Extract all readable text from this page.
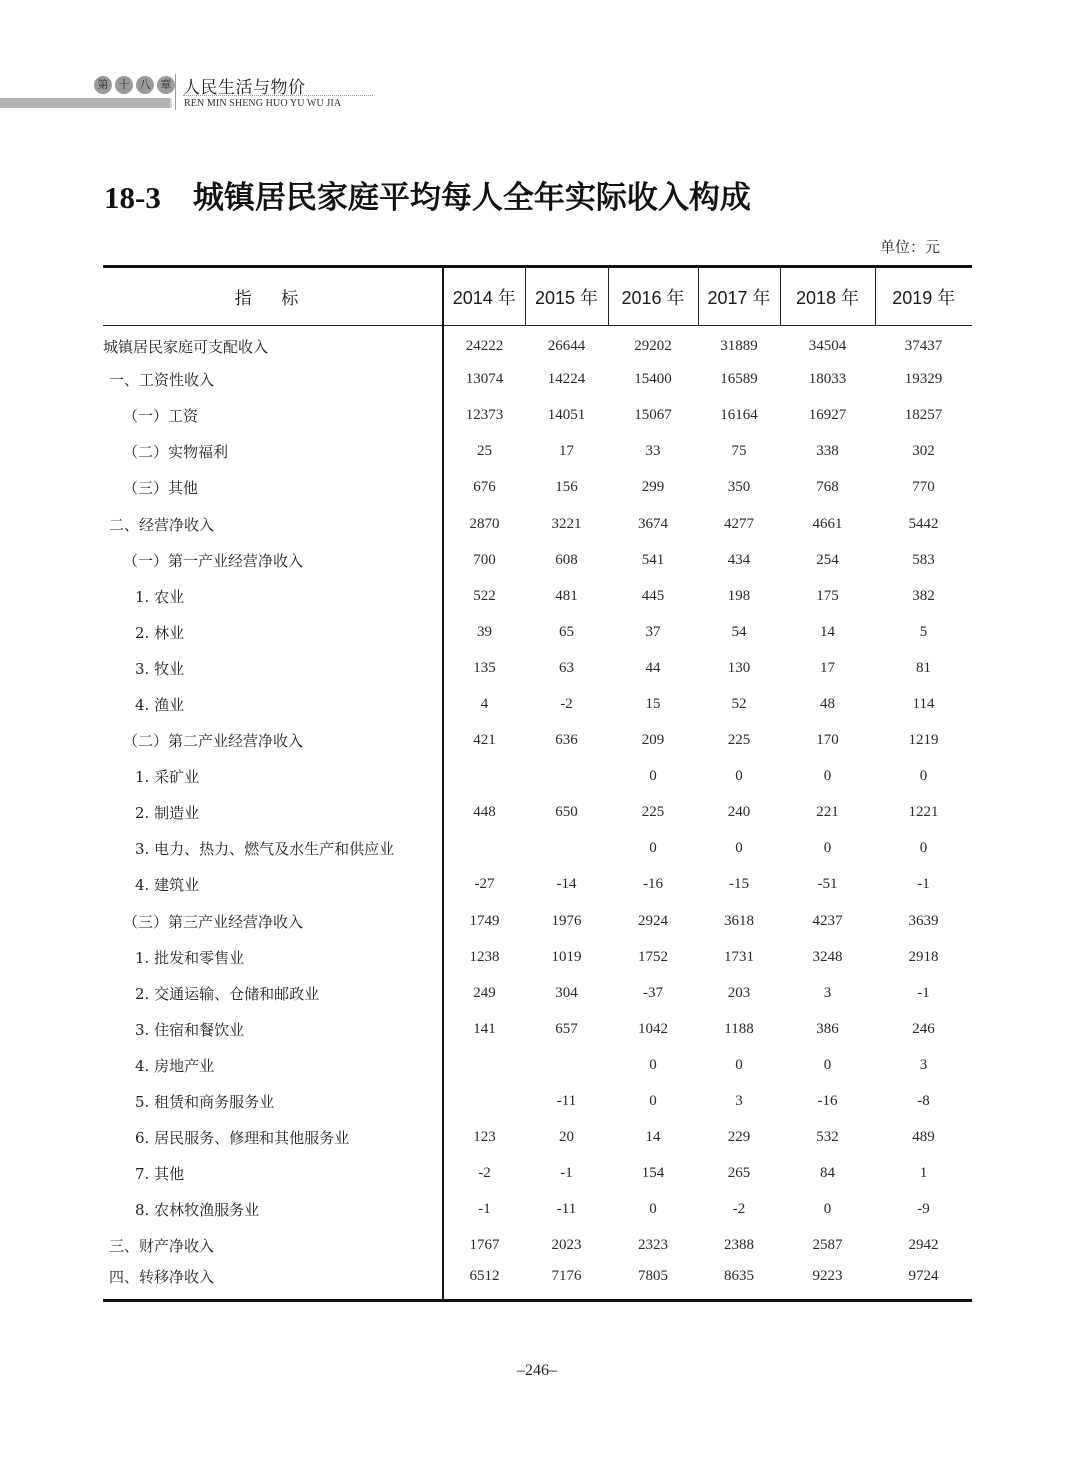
第 十 八 章 人民生活与物价
REN MIN SHENG HUO YU WU JIA
18-3 城镇居民家庭平均每人全年实际收入构成
单位：元
指 标	2014 年	2015 年	2016 年	2017 年	2018 年	2019 年
城镇居民家庭可支配收入	24222	26644	29202	31889	34504	37437
一、工资性收入	13074	14224	15400	16589	18033	19329
（一）工资	12373	14051	15067	16164	16927	18257
（二）实物福利	25	17	33	75	338	302
（三）其他	676	156	299	350	768	770
二、经营净收入	2870	3221	3674	4277	4661	5442
（一）第一产业经营净收入	700	608	541	434	254	583
1. 农业	522	481	445	198	175	382
2. 林业	39	65	37	54	14	5
3. 牧业	135	63	44	130	17	81
4. 渔业	4	-2	15	52	48	114
（二）第二产业经营净收入	421	636	209	225	170	1219
1. 采矿业			0	0	0	0
2. 制造业	448	650	225	240	221	1221
3. 电力、热力、燃气及水生产和供应业			0	0	0	0
4. 建筑业	-27	-14	-16	-15	-51	-1
（三）第三产业经营净收入	1749	1976	2924	3618	4237	3639
1. 批发和零售业	1238	1019	1752	1731	3248	2918
2. 交通运输、仓储和邮政业	249	304	-37	203	3	-1
3. 住宿和餐饮业	141	657	1042	1188	386	246
4. 房地产业			0	0	0	3
5. 租赁和商务服务业		-11	0	3	-16	-8
6. 居民服务、修理和其他服务业	123	20	14	229	532	489
7. 其他	-2	-1	154	265	84	1
8. 农林牧渔服务业	-1	-11	0	-2	0	-9
三、财产净收入	1767	2023	2323	2388	2587	2942
四、转移净收入	6512	7176	7805	8635	9223	9724
–246–
